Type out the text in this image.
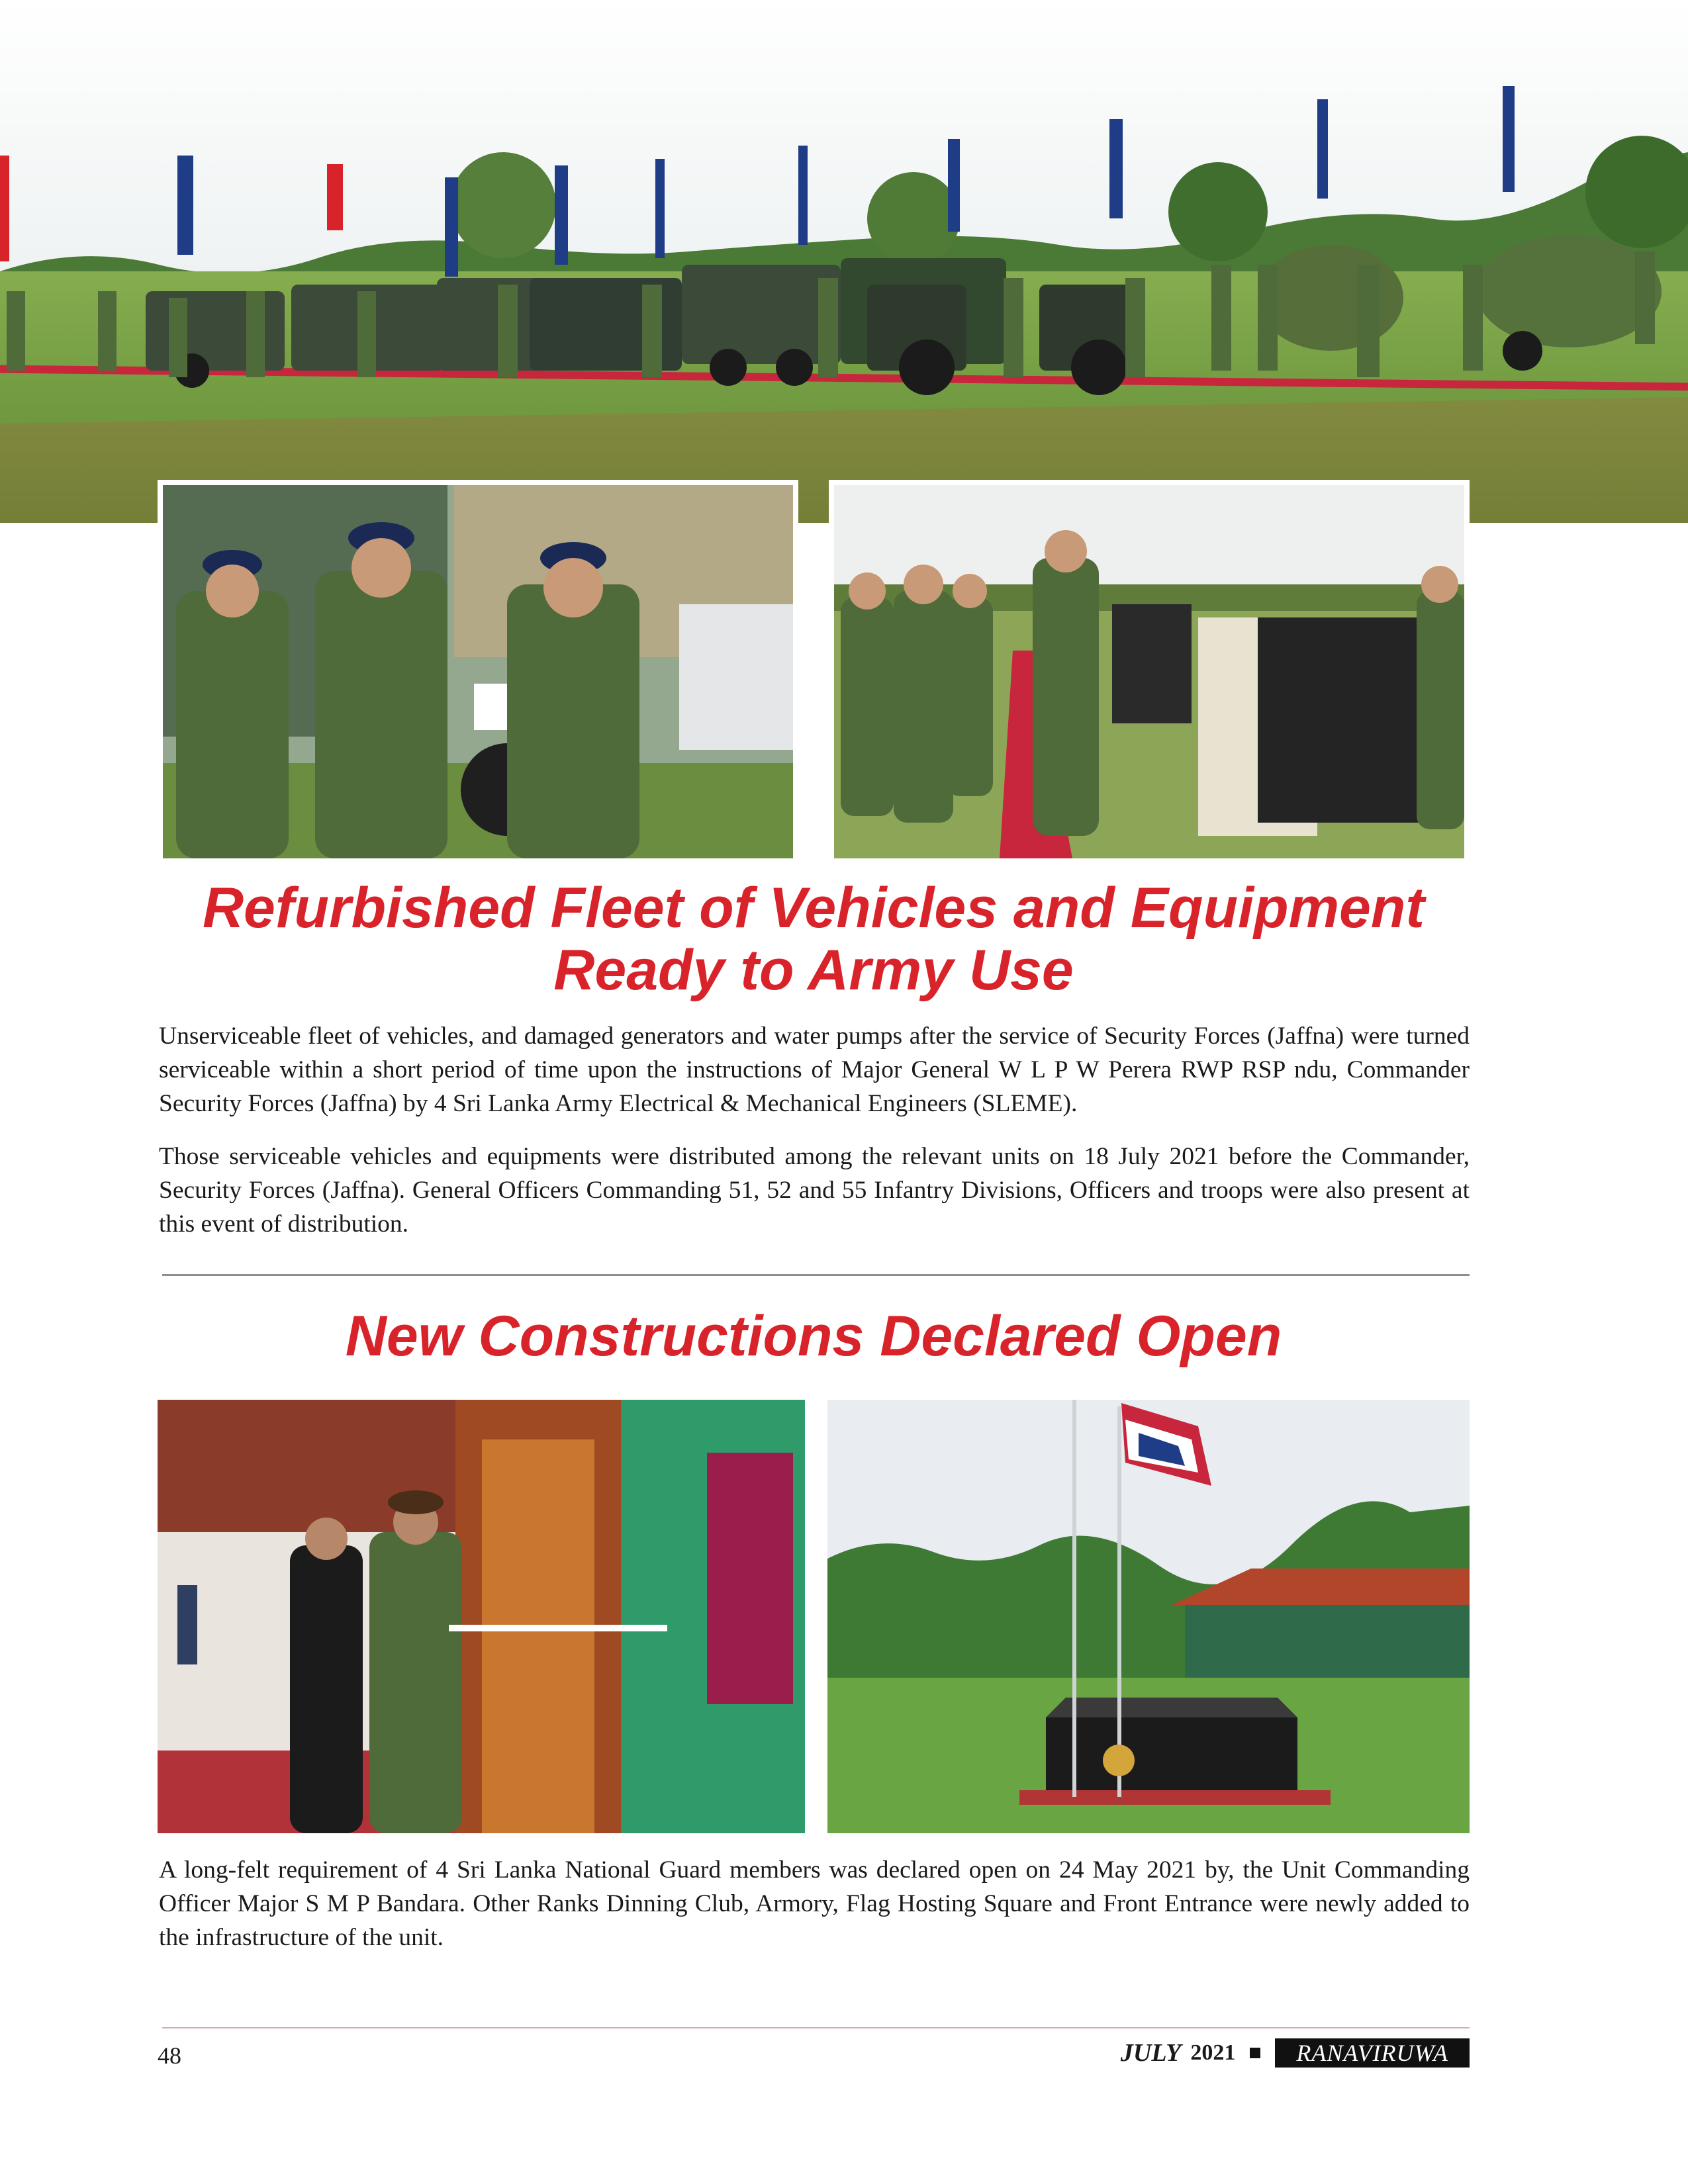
Refurbished Fleet of Vehicles and Equipment
Ready to Army Use

Unserviceable fleet of vehicles, and damaged generators and water pumps after the service of Security Forces (Jaffna) were turned serviceable within a short period of time upon the instructions of Major General W L P W Perera RWP RSP ndu, Commander Security Forces (Jaffna) by 4 Sri Lanka Army Electrical & Mechanical Engineers (SLEME).

Those serviceable vehicles and equipments were distributed among the relevant units on 18 July 2021 before the Commander, Security Forces (Jaffna). General Officers Commanding 51, 52 and 55 Infantry Divisions, Officers and troops were also present at this event of distribution.

New Constructions Declared Open

A long-felt requirement of 4 Sri Lanka National Guard members was declared open on 24 May 2021 by, the Unit Commanding Officer Major S M P Bandara. Other Ranks Dinning Club, Armory, Flag Hosting Square and Front Entrance were newly added to the infrastructure of the unit.

48	JULY 2021	RANAVIRUWA
